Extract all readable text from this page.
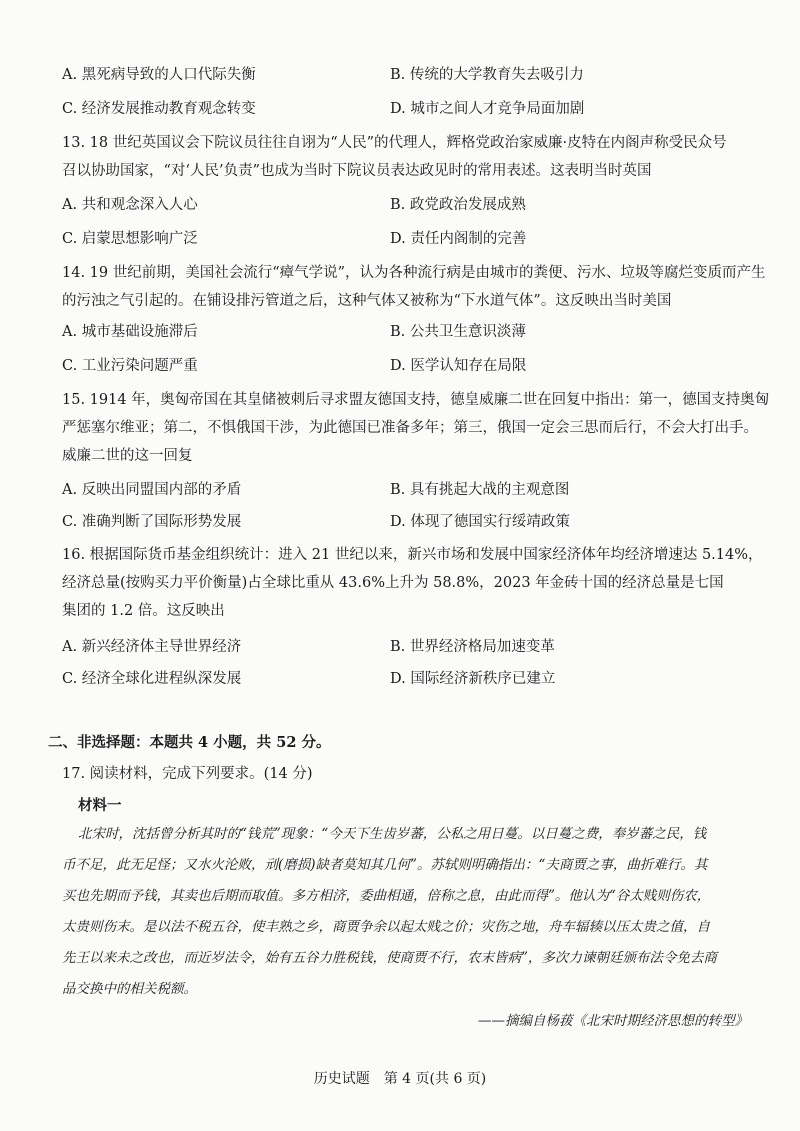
A. 黑死病导致的人口代际失衡	B. 传统的大学教育失去吸引力
C. 经济发展推动教育观念转变	D. 城市之间人才竞争局面加剧
13. 18 世纪英国议会下院议员往往自诩为“人民”的代理人，辉格党政治家威廉·皮特在内阁声称受民众号
召以协助国家，“对‘人民’负责”也成为当时下院议员表达政见时的常用表述。这表明当时英国
A. 共和观念深入人心	B. 政党政治发展成熟
C. 启蒙思想影响广泛	D. 责任内阁制的完善
14. 19 世纪前期，美国社会流行“瘴气学说”，认为各种流行病是由城市的粪便、污水、垃圾等腐烂变质而产生
的污浊之气引起的。在铺设排污管道之后，这种气体又被称为“下水道气体”。这反映出当时美国
A. 城市基础设施滞后	B. 公共卫生意识淡薄
C. 工业污染问题严重	D. 医学认知存在局限
15. 1914 年，奥匈帝国在其皇储被刺后寻求盟友德国支持，德皇威廉二世在回复中指出：第一，德国支持奥匈
严惩塞尔维亚；第二，不惧俄国干涉，为此德国已准备多年；第三，俄国一定会三思而后行，不会大打出手。
威廉二世的这一回复
A. 反映出同盟国内部的矛盾	B. 具有挑起大战的主观意图
C. 准确判断了国际形势发展	D. 体现了德国实行绥靖政策
16. 根据国际货币基金组织统计：进入 21 世纪以来，新兴市场和发展中国家经济体年均经济增速达 5.14%，
经济总量(按购买力平价衡量)占全球比重从 43.6%上升为 58.8%，2023 年金砖十国的经济总量是七国
集团的 1.2 倍。这反映出
A. 新兴经济体主导世界经济	B. 世界经济格局加速变革
C. 经济全球化进程纵深发展	D. 国际经济新秩序已建立
二、非选择题：本题共 4 小题，共 52 分。
17. 阅读材料，完成下列要求。(14 分)
材料一
北宋时，沈括曾分析其时的“钱荒”现象：“今天下生齿岁蕃，公私之用日蔓。以日蔓之费，奉岁蕃之民，钱
币不足，此无足怪；又水火沦败，刓(磨损)缺者莫知其几何”。苏轼则明确指出：“夫商贾之事，曲折难行。其
买也先期而予钱，其卖也后期而取值。多方相济，委曲相通，倍称之息，由此而得”。他认为“谷太贱则伤农，
太贵则伤末。是以法不税五谷，使丰熟之乡，商贾争余以起太贱之价；灾伤之地，舟车辐辏以压太贵之值，自
先王以来未之改也，而近岁法令，始有五谷力胜税钱，使商贾不行，农末皆病”，多次力谏朝廷颁布法令免去商
品交换中的相关税额。
——摘编自杨菝《北宋时期经济思想的转型》
历史试题　第 4 页(共 6 页)
